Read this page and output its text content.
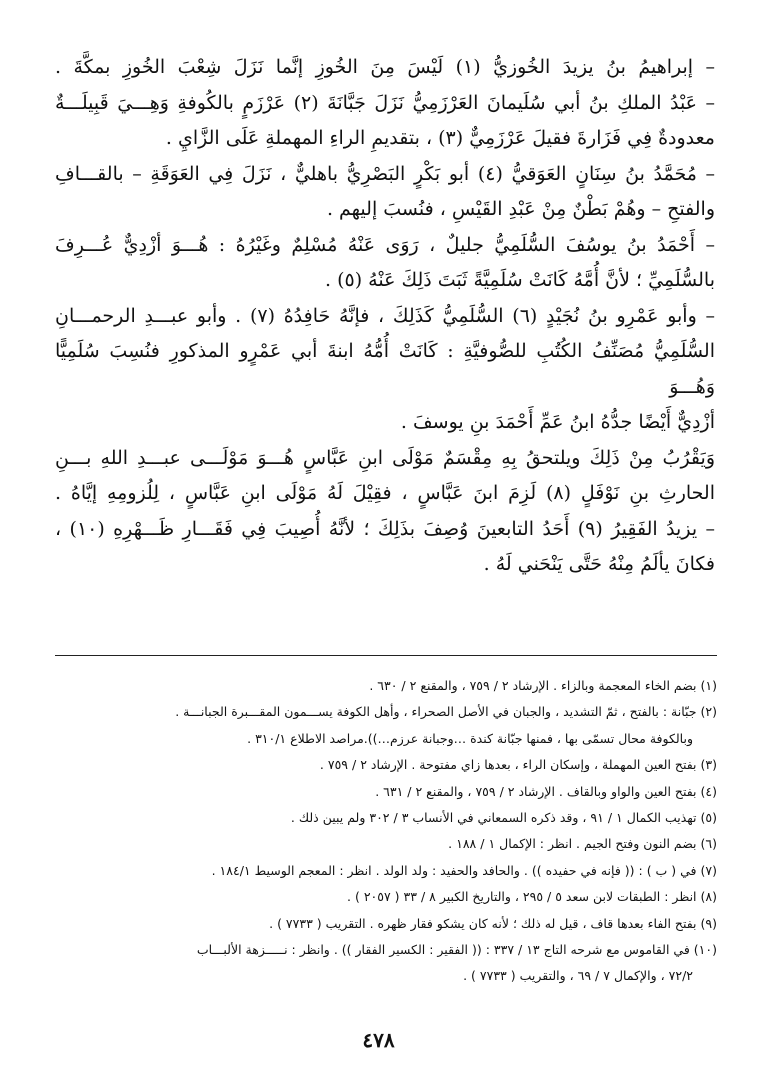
– إبراهيمُ بنُ يزيدَ الخُوزيُّ (١) لَيْسَ مِنَ الخُوزِ إنَّما نَزَلَ شِعْبَ الخُوزِ بمكَّةَ .

– عَبْدُ الملكِ بنُ أبي سُلَيمانَ العَرْزَمِيُّ نَزَلَ جَبَّانَةَ (٢) عَرْزَمٍ بالكُوفةِ وَهِـــيَ قَبِيلَـــةٌ

معدودةٌ فِي فَزَارةَ فقيلَ عَرْزَمِيٌّ (٣) ، بتقديمِ الراءِ المهملةِ عَلَى الزَّايِ .

– مُحَمَّدُ بنُ سِنَانٍ العَوَقيُّ (٤) أبو بَكْرٍ البَصْرِيُّ باهليٌّ ، نَزَلَ فِي العَوَقَةِ – بالقـــافِ

والفتحِ – وهُمْ بَطْنٌ مِنْ عَبْدِ القَيْسِ ، فنُسبَ إليهم .

– أَحْمَدُ بنُ يوسُفَ السُّلَمِيُّ جليلٌ ، رَوَى عَنْهُ مُسْلِمٌ وغَيْرُهُ : هُـــوَ أزْدِيٌّ عُـــرِفَ

بالسُّلَمِيِّ ؛ لأنَّ أُمَّهُ كَانَتْ سُلَمِيَّةً ثَبَتَ ذَلِكَ عَنْهُ (٥) .

– وأبو عَمْرِو بنُ نُجَيْدٍ (٦) السُّلَمِيُّ كَذَلِكَ ، فإنَّهُ حَافِدُهُ (٧) . وأبو عبـــدِ الرحمـــانِ

السُّلَمِيُّ مُصَنِّفُ الكُتُبِ للصُّوفيَّةِ : كَانَتْ أُمُّهُ ابنةَ أبي عَمْرٍو المذكورِ فنُسِبَ سُلَمِيًّا وَهُـــوَ

أزْدِيٌّ أَيْضًا جدُّهُ ابنُ عَمِّ أَحْمَدَ بنِ يوسفَ .

وَيَقْرُبُ مِنْ ذَلِكَ ويلتحقُ بِهِ مِقْسَمٌ مَوْلَى ابنِ عَبَّاسٍ هُـــوَ مَوْلَـــى عبـــدِ اللهِ بـــنِ

الحارثِ بنِ نَوْفَلٍ (٨) لَزِمَ ابنَ عَبَّاسٍ ، فقِيْلَ لَهُ مَوْلَى ابنِ عَبَّاسٍ ، لِلُزومِهِ إيَّاهُ .

– يزيدُ الفَقِيرُ (٩) أَحَدُ التابعينَ وُصِفَ بذَلِكَ ؛ لأنَّهُ أُصِيبَ فِي فَقَـــارِ ظَـــهْرِهِ (١٠) ،

فكانَ يألَمُ مِنْهُ حَتَّى يَنْحَني لَهُ .

(١) بضم الخاء المعجمة وبالزاء . الإرشاد ٢ / ٧٥٩ ، والمقنع ٢ / ٦٣٠ .

(٢) جبّانة : بالفتح ، ثمّ التشديد ، والجبان في الأصل الصحراء ، وأهل الكوفة يســـمون المقـــبرة الجبانـــة .

وبالكوفة محال تسمّى بها ، فمنها جبّانة كندة …وجبانة عرزم…)).مراصد الاطلاع ٣١٠/١ .

(٣) بفتح العين المهملة ، وإسكان الراء ، بعدها زاي مفتوحة . الإرشاد ٢ / ٧٥٩ .

(٤) بفتح العين والواو وبالقاف . الإرشاد ٢ / ٧٥٩ ، والمقنع ٢ / ٦٣١ .

(٥) تهذيب الكمال ١ / ٩١ ، وقد ذكره السمعاني في الأنساب ٣ / ٣٠٢ ولم يبين ذلك .

(٦) بضم النون وفتح الجيم . انظر : الإكمال ١ / ١٨٨ .

(٧) في ( ب ) : (( فإنه في حفيده )) . والحافد والحفيد : ولد الولد . انظر : المعجم الوسيط ١٨٤/١ .

(٨) انظر : الطبقات لابن سعد ٥ / ٢٩٥ ، والتاريخ الكبير ٨ / ٣٣ ( ٢٠٥٧ ) .

(٩) بفتح الفاء بعدها قاف ، قيل له ذلك ؛ لأنه كان يشكو فقار ظهره . التقريب ( ٧٧٣٣ ) .

(١٠) في القاموس مع شرحه التاج ١٣ / ٣٣٧ : (( الفقير : الكسير الفقار )) . وانظر : نـــــزهة الألبـــاب

٧٢/٢ ، والإكمال ٧ / ٦٩ ، والتقريب ( ٧٧٣٣ ) .

٤٧٨
